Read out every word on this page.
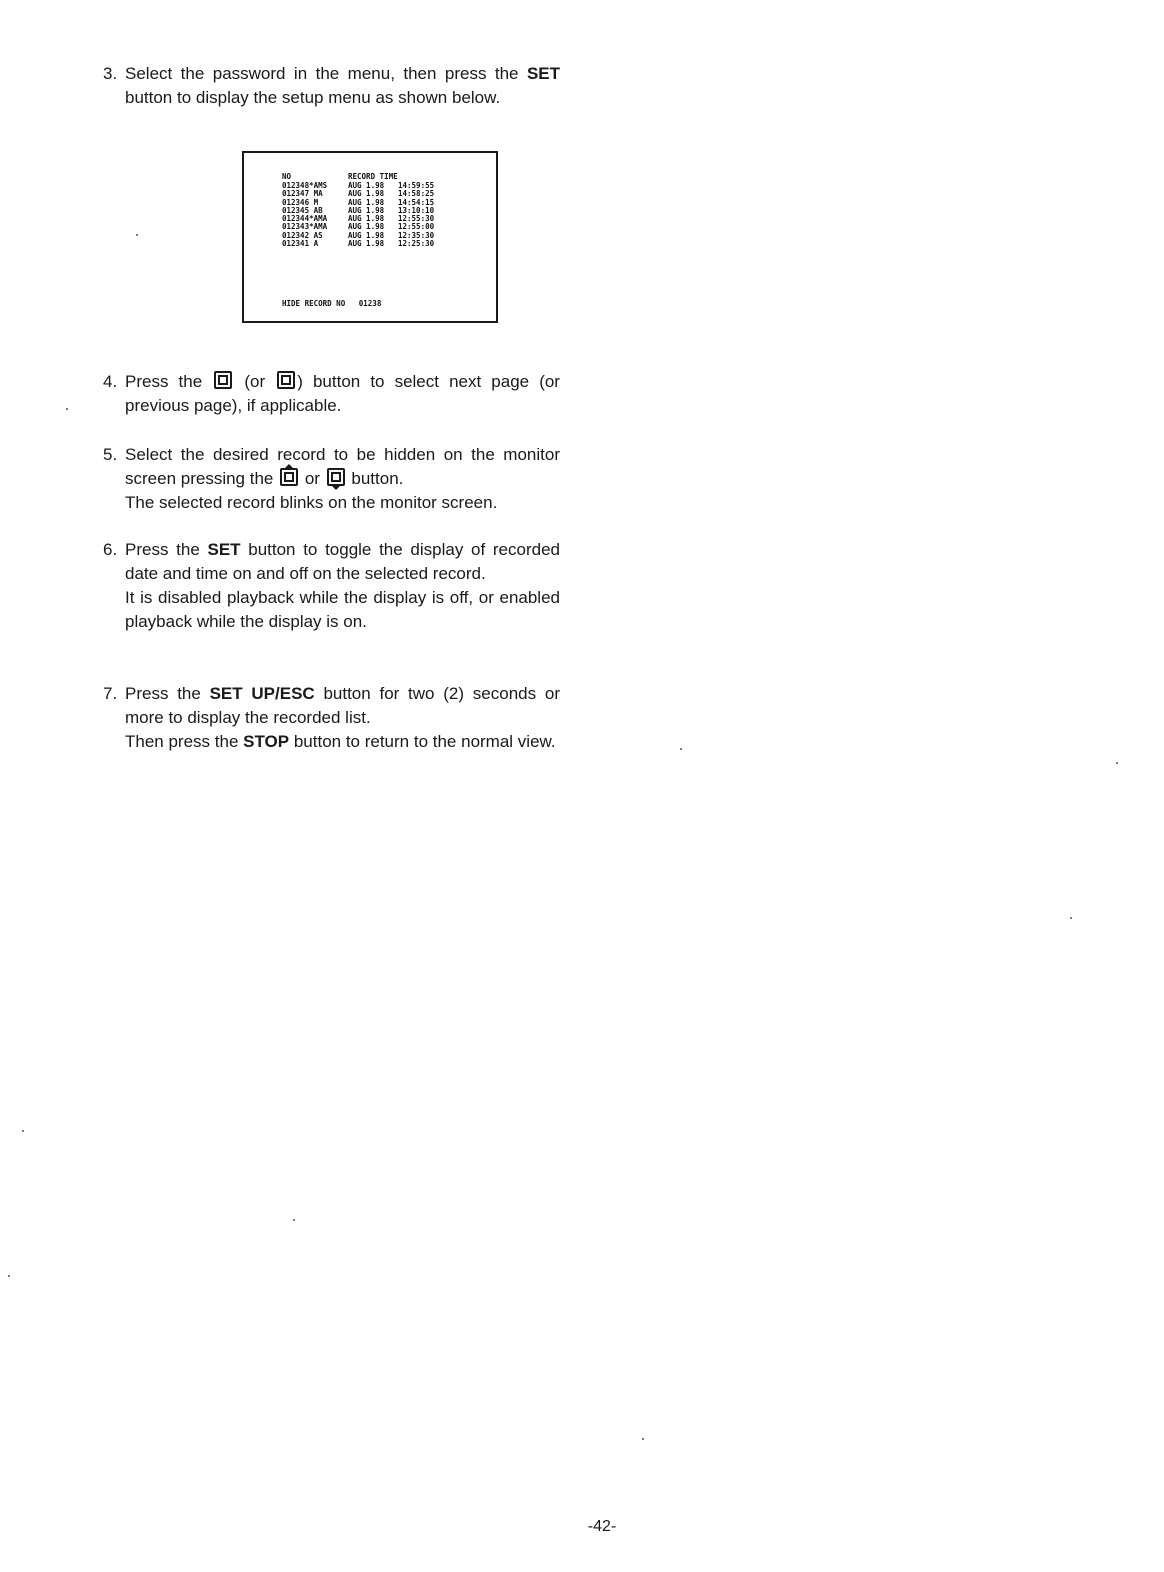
3. Select the password in the menu, then press the SET button to display the setup menu as shown below.

NO	RECORD TIME
012348*AMS	AUG 1.98 14:59:55
012347 MA	AUG 1.98 14:58:25
012346 M	AUG 1.98 14:54:15
012345 AB	AUG 1.98 13:10:10
012344*AMA	AUG 1.98 12:55:30
012343*AMA	AUG 1.98 12:55:00
012342 AS	AUG 1.98 12:35:30
012341 A	AUG 1.98 12:25:30
HIDE RECORD NO 01238
4. Press the  (or ) button to select next page (or previous page), if applicable.

5. Select the desired record to be hidden on the monitor screen pressing the  or  button.

The selected record blinks on the monitor screen.

6. Press the SET button to toggle the display of recorded date and time on and off on the selected record.

It is disabled playback while the display is off, or enabled playback while the display is on.

7. Press the SET UP/ESC button for two (2) seconds or more to display the recorded list.

Then press the STOP button to return to the normal view.

-42-
